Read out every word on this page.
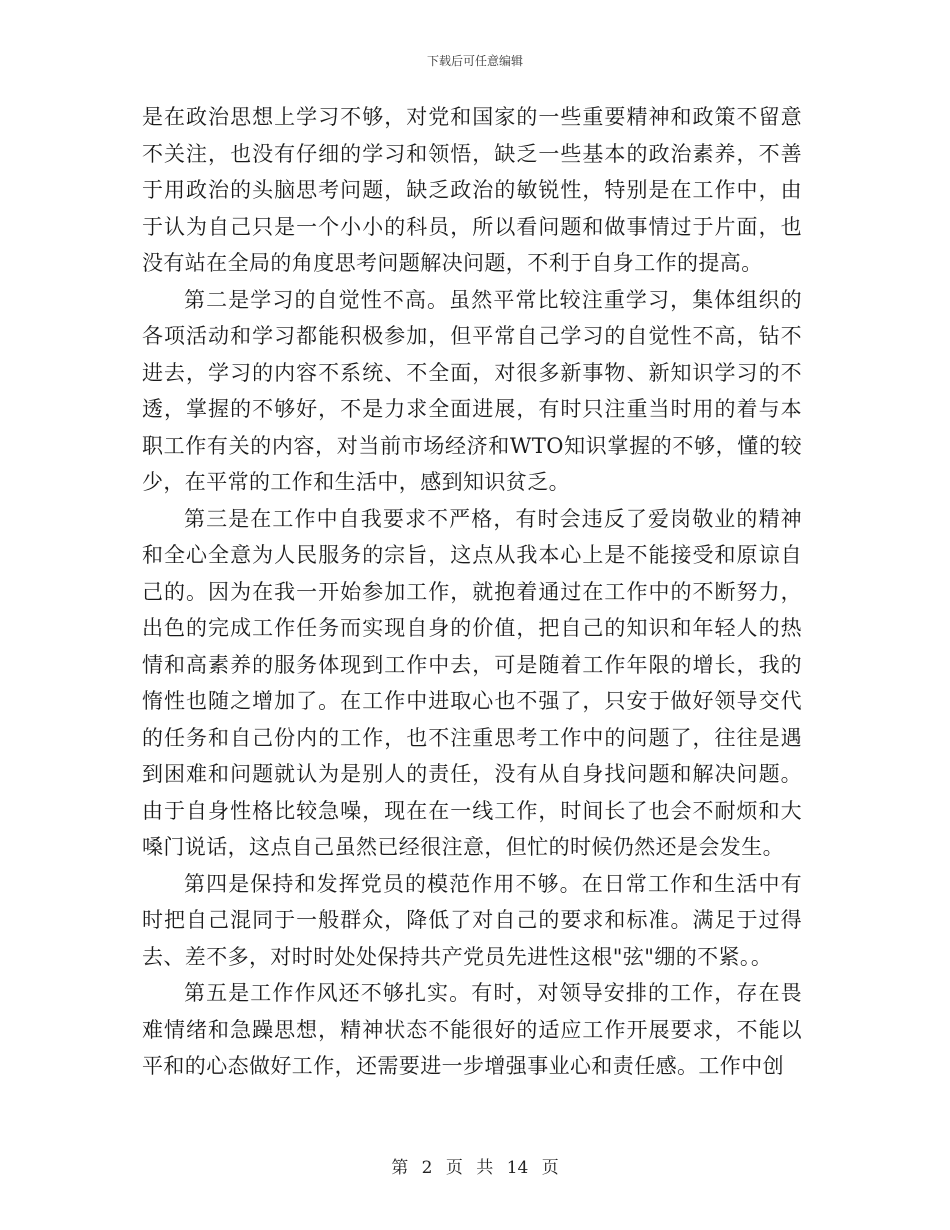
下载后可任意编辑

是在政治思想上学习不够，对党和国家的一些重要精神和政策不留意不关注，也没有仔细的学习和领悟，缺乏一些基本的政治素养，不善于用政治的头脑思考问题，缺乏政治的敏锐性，特别是在工作中，由于认为自己只是一个小小的科员，所以看问题和做事情过于片面，也没有站在全局的角度思考问题解决问题，不利于自身工作的提高。

第二是学习的自觉性不高。虽然平常比较注重学习，集体组织的各项活动和学习都能积极参加，但平常自己学习的自觉性不高，钻不进去，学习的内容不系统、不全面，对很多新事物、新知识学习的不透，掌握的不够好，不是力求全面进展，有时只注重当时用的着与本职工作有关的内容，对当前市场经济和WTO知识掌握的不够，懂的较少，在平常的工作和生活中，感到知识贫乏。

第三是在工作中自我要求不严格，有时会违反了爱岗敬业的精神和全心全意为人民服务的宗旨，这点从我本心上是不能接受和原谅自己的。因为在我一开始参加工作，就抱着通过在工作中的不断努力，出色的完成工作任务而实现自身的价值，把自己的知识和年轻人的热情和高素养的服务体现到工作中去，可是随着工作年限的增长，我的惰性也随之增加了。在工作中进取心也不强了，只安于做好领导交代的任务和自己份内的工作，也不注重思考工作中的问题了，往往是遇到困难和问题就认为是别人的责任，没有从自身找问题和解决问题。由于自身性格比较急噪，现在在一线工作，时间长了也会不耐烦和大嗓门说话，这点自己虽然已经很注意，但忙的时候仍然还是会发生。

第四是保持和发挥党员的模范作用不够。在日常工作和生活中有时把自己混同于一般群众，降低了对自己的要求和标准。满足于过得去、差不多，对时时处处保持共产党员先进性这根"弦"绷的不紧。。

第五是工作作风还不够扎实。有时，对领导安排的工作，存在畏难情绪和急躁思想，精神状态不能很好的适应工作开展要求，不能以平和的心态做好工作，还需要进一步增强事业心和责任感。工作中创

第 2 页 共 14 页
